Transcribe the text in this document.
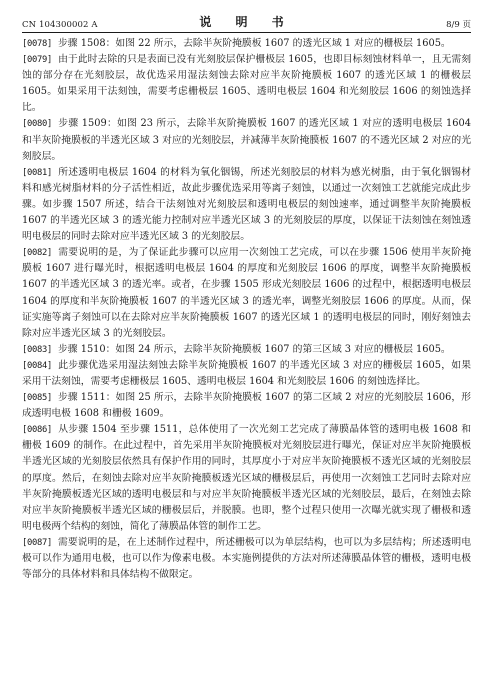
CN 104300002 A	说 明 书	8/9 页

[0078] 步骤 1508：如图 22 所示，去除半灰阶掩膜板 1607 的透光区域 1 对应的栅极层 1605。

[0079] 由于此时去除的只是表面已没有光刻胶层保护栅极层 1605，也即目标刻蚀材料单一，且无需刻蚀的部分存在光刻胶层，故优选采用湿法刻蚀去除对应半灰阶掩膜板 1607 的透光区域 1 的栅极层 1605。如果采用干法刻蚀，需要考虑栅极层 1605、透明电极层 1604 和光刻胶层 1606 的刻蚀选择比。

[0080] 步骤 1509：如图 23 所示，去除半灰阶掩膜板 1607 的透光区域 1 对应的透明电极层 1604 和半灰阶掩膜板的半透光区域 3 对应的光刻胶层，并减薄半灰阶掩膜板 1607 的不透光区域 2 对应的光刻胶层。

[0081] 所述透明电极层 1604 的材料为氧化铟锡，所述光刻胶层的材料为感光树脂，由于氧化铟锡材料和感光树脂材料的分子活性相近，故此步骤优选采用等离子刻蚀，以通过一次刻蚀工艺就能完成此步骤。如步骤 1507 所述，结合干法刻蚀对光刻胶层和透明电极层的刻蚀速率，通过调整半灰阶掩膜板 1607 的半透光区域 3 的透光能力控制对应半透光区域 3 的光刻胶层的厚度，以保证干法刻蚀在刻蚀透明电极层的同时去除对应半透光区域 3 的光刻胶层。

[0082] 需要说明的是，为了保证此步骤可以应用一次刻蚀工艺完成，可以在步骤 1506 使用半灰阶掩膜板 1607 进行曝光时，根据透明电极层 1604 的厚度和光刻胶层 1606 的厚度，调整半灰阶掩膜板 1607 的半透光区域 3 的透光率。或者，在步骤 1505 形成光刻胶层 1606 的过程中，根据透明电极层 1604 的厚度和半灰阶掩膜板 1607 的半透光区域 3 的透光率，调整光刻胶层 1606 的厚度。从而，保证实施等离子刻蚀可以在去除对应半灰阶掩膜板 1607 的透光区域 1 的透明电极层的同时，刚好刻蚀去除对应半透光区域 3 的光刻胶层。

[0083] 步骤 1510：如图 24 所示，去除半灰阶掩膜板 1607 的第三区域 3 对应的栅极层 1605。

[0084] 此步骤优选采用湿法刻蚀去除半灰阶掩膜板 1607 的半透光区域 3 对应的栅极层 1605，如果采用干法刻蚀，需要考虑栅极层 1605、透明电极层 1604 和光刻胶层 1606 的刻蚀选择比。

[0085] 步骤 1511：如图 25 所示，去除半灰阶掩膜板 1607 的第二区域 2 对应的光刻胶层 1606，形成透明电极 1608 和栅极 1609。

[0086] 从步骤 1504 至步骤 1511，总体使用了一次光刻工艺完成了薄膜晶体管的透明电极 1608 和栅极 1609 的制作。在此过程中，首先采用半灰阶掩膜板对光刻胶层进行曝光，保证对应半灰阶掩膜板半透光区域的光刻胶层依然具有保护作用的同时，其厚度小于对应半灰阶掩膜板不透光区域的光刻胶层的厚度。然后，在刻蚀去除对应半灰阶掩膜板透光区域的栅极层后，再使用一次刻蚀工艺同时去除对应半灰阶掩膜板透光区域的透明电极层和与对应半灰阶掩膜板半透光区域的光刻胶层，最后，在刻蚀去除对应半灰阶掩膜板半透光区域的栅极层后，并脱膜。也即，整个过程只使用一次曝光就实现了栅极和透明电极两个结构的刻蚀，简化了薄膜晶体管的制作工艺。

[0087] 需要说明的是，在上述制作过程中，所述栅极可以为单层结构，也可以为多层结构；所述透明电极可以作为通用电极，也可以作为像素电极。本实施例提供的方法对所述薄膜晶体管的栅极，透明电极等部分的具体材料和具体结构不做限定。
